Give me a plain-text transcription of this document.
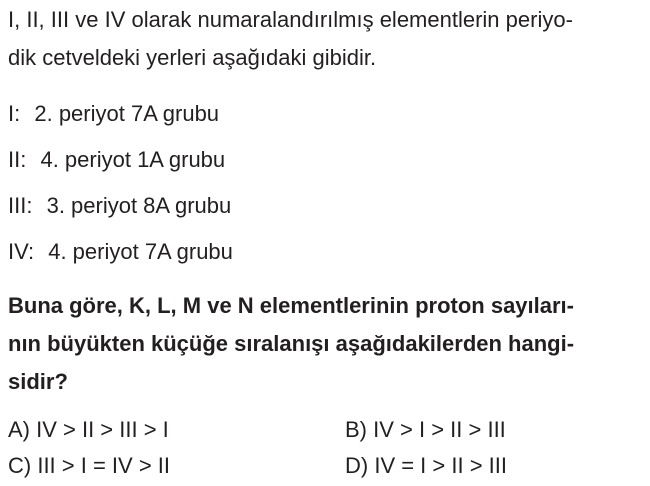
I, II, III ve IV olarak numaralandırılmış elementlerin periyo-
dik cetveldeki yerleri aşağıdaki gibidir.
I: 2. periyot 7A grubu
II: 4. periyot 1A grubu
III: 3. periyot 8A grubu
IV: 4. periyot 7A grubu
Buna göre, K, L, M ve N elementlerinin proton sayıları-
nın büyükten küçüğe sıralanışı aşağıdakilerden hangi-
sidir?
A) IV > II > III > I	B) IV > I > II > III
C) III > I = IV > II	D) IV = I > II > III
